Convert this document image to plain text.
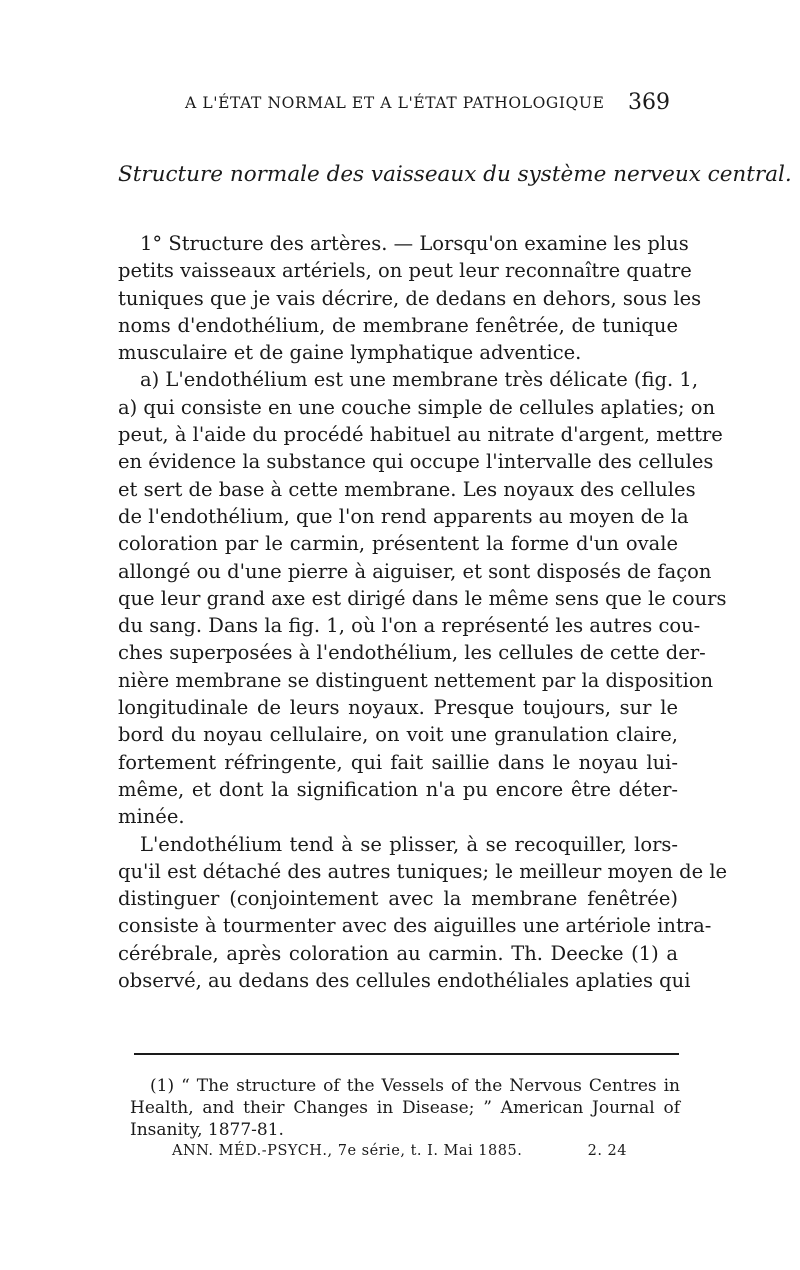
A L'ÉTAT NORMAL ET A L'ÉTAT PATHOLOGIQUE 369
Structure normale des vaisseaux du système nerveux central.
1° Structure des artères. — Lorsqu'on examine les plus
petits vaisseaux artériels, on peut leur reconnaître quatre
tuniques que je vais décrire, de dedans en dehors, sous les
noms d'endothélium, de membrane fenêtrée, de tunique
musculaire et de gaine lymphatique adventice.
a) L'endothélium est une membrane très délicate (fig. 1,
a) qui consiste en une couche simple de cellules aplaties; on
peut, à l'aide du procédé habituel au nitrate d'argent, mettre
en évidence la substance qui occupe l'intervalle des cellules
et sert de base à cette membrane. Les noyaux des cellules
de l'endothélium, que l'on rend apparents au moyen de la
coloration par le carmin, présentent la forme d'un ovale
allongé ou d'une pierre à aiguiser, et sont disposés de façon
que leur grand axe est dirigé dans le même sens que le cours
du sang. Dans la fig. 1, où l'on a représenté les autres cou-
ches superposées à l'endothélium, les cellules de cette der-
nière membrane se distinguent nettement par la disposition
longitudinale de leurs noyaux. Presque toujours, sur le
bord du noyau cellulaire, on voit une granulation claire,
fortement réfringente, qui fait saillie dans le noyau lui-
même, et dont la signification n'a pu encore être déter-
minée.
L'endothélium tend à se plisser, à se recoquiller, lors-
qu'il est détaché des autres tuniques; le meilleur moyen de le
distinguer (conjointement avec la membrane fenêtrée)
consiste à tourmenter avec des aiguilles une artériole intra-
cérébrale, après coloration au carmin. Th. Deecke (1) a
observé, au dedans des cellules endothéliales aplaties qui
(1) “ The structure of the Vessels of the Nervous Centres in
Health, and their Changes in Disease; ” American Journal of
Insanity, 1877-81.
ANN. MÉD.-PSYCH., 7e série, t. I. Mai 1885.	2. 24
